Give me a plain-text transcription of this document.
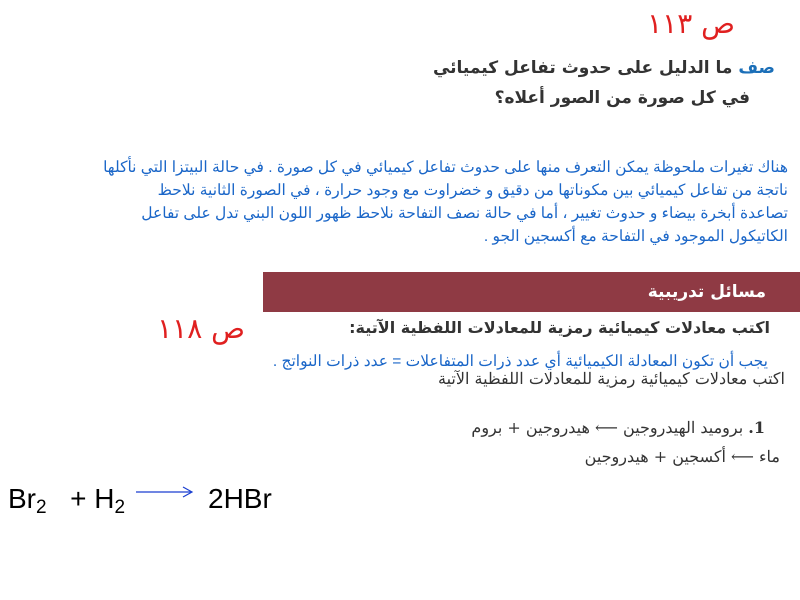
ص ١١٣
صف ما الدليل على حدوث تفاعل كيميائي
في كل صورة من الصور أعلاه؟
هناك تغيرات ملحوظة يمكن التعرف منها على حدوث تفاعل كيميائي في كل صورة . في حالة البيتزا التي نأكلها
ناتجة من تفاعل كيميائي بين مكوناتها من دقيق و خضراوت مع وجود حرارة ، في الصورة الثانية نلاحظ
تصاعدة أبخرة بيضاء و حدوث تغيير ، أما في حالة نصف التفاحة نلاحظ ظهور اللون البني تدل على تفاعل
الكاتيكول الموجود في التفاحة مع أكسجين الجو .
مسائل تدريبية
ص ١١٨	اكتب معادلات كيميائية رمزية للمعادلات اللفظية الآتية:
يجب أن تكون المعادلة الكيميائية أي عدد ذرات المتفاعلات = عدد ذرات النواتج .
اكتب معادلات كيميائية رمزية للمعادلات اللفظية الآتية
1. بروميد الهيدروجين ⟵ هيدروجين + بروم
ماء ⟵ أكسجين + هيدروجين
$Br_2 + H_2 \to 2HBr$
